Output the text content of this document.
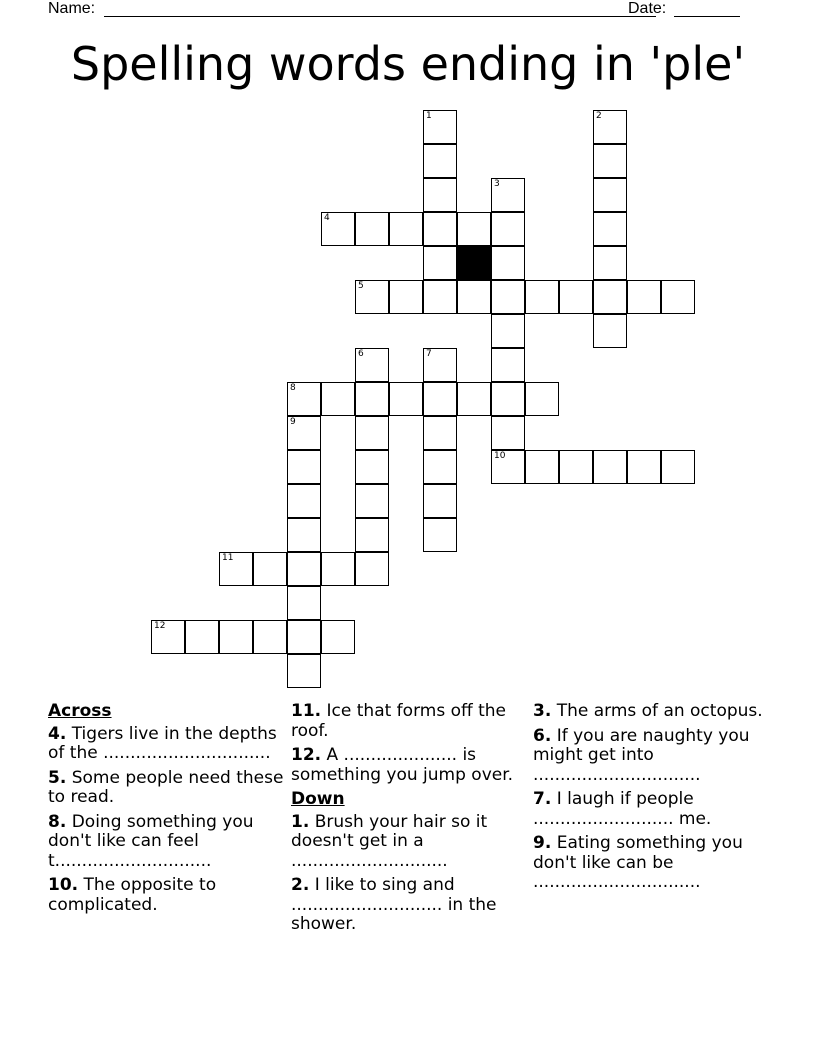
Name:	Date:
Spelling words ending in 'ple'
1	2
3
4
5
6	7
8
9
10
11
12
Across
4. Tigers live in the depths of the ...............................
5. Some people need these to read.
8. Doing something you don't like can feel t.............................
10. The opposite to complicated.
11. Ice that forms off the roof.
12. A ..................... is something you jump over.
Down
1. Brush your hair so it doesn't get in a .............................
2. I like to sing and ............................ in the shower.
3. The arms of an octopus.
6. If you are naughty you might get into ...............................
7. I laugh if people .......................... me.
9. Eating something you don't like can be ...............................
